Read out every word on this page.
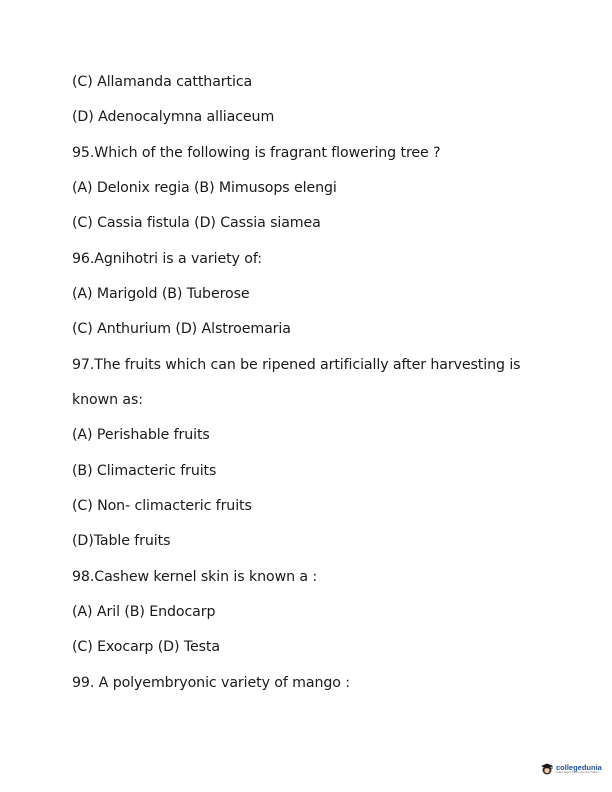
(C) Allamanda catthartica
(D) Adenocalymna alliaceum
95.Which of the following is fragrant flowering tree ?
(A) Delonix regia (B) Mimusops elengi
(C) Cassia fistula (D) Cassia siamea
96.Agnihotri is a variety of:
(A) Marigold (B) Tuberose
(C) Anthurium (D) Alstroemaria
97.The fruits which can be ripened artificially after harvesting is
known as:
(A) Perishable fruits
(B) Climacteric fruits
(C) Non- climacteric fruits
(D)Table fruits
98.Cashew kernel skin is known a :
(A) Aril (B) Endocarp
(C) Exocarp (D) Testa
99. A polyembryonic variety of mango :
collegedunia
India's largest Student Review Platform
